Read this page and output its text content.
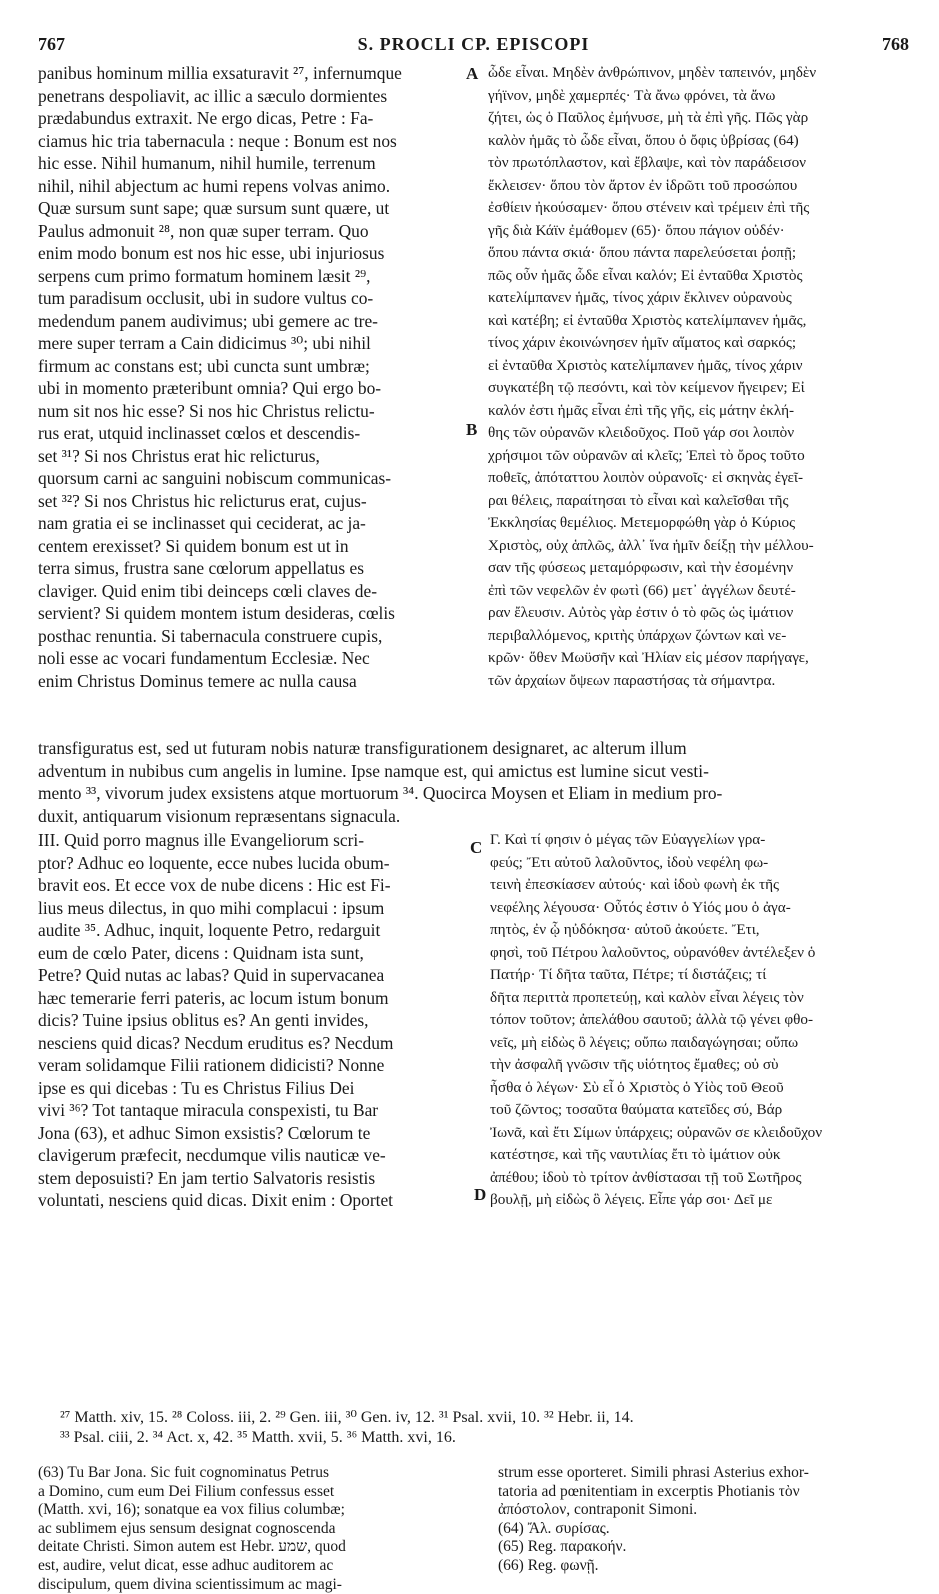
767	S. PROCLI CP. EPISCOPI	768
panibus hominum millia exsaturavit ²⁷, infernumque
penetrans despoliavit, ac illic a sæculo dormientes
prædabundus extraxit. Ne ergo dicas, Petre : Fa-
ciamus hic tria tabernacula : neque : Bonum est nos
hic esse. Nihil humanum, nihil humile, terrenum
nihil, nihil abjectum ac humi repens volvas animo.
Quæ sursum sunt sape; quæ sursum sunt quære, ut
Paulus admonuit ²⁸, non quæ super terram. Quo
enim modo bonum est nos hic esse, ubi injuriosus
serpens cum primo formatum hominem læsit ²⁹,
tum paradisum occlusit, ubi in sudore vultus co-
medendum panem audivimus; ubi gemere ac tre-
mere super terram a Cain didicimus ³⁰; ubi nihil
firmum ac constans est; ubi cuncta sunt umbræ;
ubi in momento præteribunt omnia? Qui ergo bo-
num sit nos hic esse? Si nos hic Christus relictu-
rus erat, utquid inclinasset cœlos et descendis-
set ³¹? Si nos Christus erat hic relicturus,
quorsum carni ac sanguini nobiscum communicas-
set ³²? Si nos Christus hic relicturus erat, cujus-
nam gratia ei se inclinasset qui ceciderat, ac ja-
centem erexisset? Si quidem bonum est ut in
terra simus, frustra sane cœlorum appellatus es
claviger. Quid enim tibi deinceps cœli claves de-
servient? Si quidem montem istum desideras, cœlis
posthac renuntia. Si tabernacula construere cupis,
noli esse ac vocari fundamentum Ecclesiæ. Nec
enim Christus Dominus temere ac nulla causa
A ὧδε εἶναι. Μηδὲν ἀνθρώπινον, μηδὲν ταπεινόν, μηδὲν
γήϊνον, μηδὲ χαμερπές· Τὰ ἄνω φρόνει, τὰ ἄνω
ζήτει, ὡς ὁ Παῦλος ἐμήνυσε, μὴ τὰ ἐπὶ γῆς. Πῶς γὰρ
καλὸν ἡμᾶς τὸ ὧδε εἶναι, ὅπου ὁ ὄφις ὑβρίσας (64)
τὸν πρωτόπλαστον, καὶ ἔβλαψε, καὶ τὸν παράδεισον
ἔκλεισεν· ὅπου τὸν ἄρτον ἐν ἱδρῶτι τοῦ προσώπου
ἐσθίειν ἠκούσαμεν· ὅπου στένειν καὶ τρέμειν ἐπὶ τῆς
γῆς διὰ Κάϊν ἐμάθομεν (65)· ὅπου πάγιον οὐδέν·
ὅπου πάντα σκιά· ὅπου πάντα παρελεύσεται ῥοπῇ;
πῶς οὖν ἡμᾶς ὧδε εἶναι καλόν; Εἰ ἐνταῦθα Χριστὸς
κατελίμπανεν ἡμᾶς, τίνος χάριν ἔκλινεν οὐρανοὺς
καὶ κατέβη; εἰ ἐνταῦθα Χριστὸς κατελίμπανεν ἡμᾶς,
τίνος χάριν ἐκοινώνησεν ἡμῖν αἵματος καὶ σαρκός;
εἰ ἐνταῦθα Χριστὸς κατελίμπανεν ἡμᾶς, τίνος χάριν
συγκατέβη τῷ πεσόντι, καὶ τὸν κείμενον ἤγειρεν; Εἰ
καλόν ἐστι ἡμᾶς εἶναι ἐπὶ τῆς γῆς, εἰς μάτην ἐκλή-
θης τῶν οὐρανῶν κλειδοῦχος. Ποῦ γάρ σοι λοιπὸν
χρήσιμοι τῶν οὐρανῶν αἱ κλεῖς; Ἐπεὶ τὸ ὄρος τοῦτο
ποθεῖς, ἀπόταττου λοιπὸν οὐρανοῖς· εἰ σκηνὰς ἐγεῖ-
ραι θέλεις, παραίτησαι τὸ εἶναι καὶ καλεῖσθαι τῆς
Ἐκκλησίας θεμέλιος. Μετεμορφώθη γὰρ ὁ Κύριος
Χριστὸς, οὐχ ἁπλῶς, ἀλλ᾽ ἵνα ἡμῖν δείξῃ τὴν μέλλου-
σαν τῆς φύσεως μεταμόρφωσιν, καὶ τὴν ἐσομένην
ἐπὶ τῶν νεφελῶν ἐν φωτὶ (66) μετ᾽ ἀγγέλων δευτέ-
ραν ἔλευσιν. Αὐτὸς γὰρ ἐστιν ὁ τὸ φῶς ὡς ἱμάτιον
περιβαλλόμενος, κριτὴς ὑπάρχων ζώντων καὶ νε-
κρῶν· ὅθεν Μωϋσῆν καὶ Ἠλίαν εἰς μέσον παρήγαγε,
τῶν ἀρχαίων ὄψεων παραστήσας τὰ σήμαντρα.
B
transfiguratus est, sed ut futuram nobis naturæ transfigurationem designaret, ac alterum illum
adventum in nubibus cum angelis in lumine. Ipse namque est, qui amictus est lumine sicut vesti-
mento ³³, vivorum judex exsistens atque mortuorum ³⁴. Quocirca Moysen et Eliam in medium pro-
duxit, antiquarum visionum repræsentans signacula.
III. Quid porro magnus ille Evangeliorum scri-
ptor? Adhuc eo loquente, ecce nubes lucida obum-
bravit eos. Et ecce vox de nube dicens : Hic est Fi-
lius meus dilectus, in quo mihi complacui : ipsum
audite ³⁵. Adhuc, inquit, loquente Petro, redarguit
eum de cœlo Pater, dicens : Quidnam ista sunt,
Petre? Quid nutas ac labas? Quid in supervacanea
hæc temerarie ferri pateris, ac locum istum bonum
dicis? Tuine ipsius oblitus es? An genti invides,
nesciens quid dicas? Necdum eruditus es? Necdum
veram solidamque Filii rationem didicisti? Nonne
ipse es qui dicebas : Tu es Christus Filius Dei
vivi ³⁶? Tot tantaque miracula conspexisti, tu Bar
Jona (63), et adhuc Simon exsistis? Cœlorum te
clavigerum præfecit, necdumque vilis nauticæ ve-
stem deposuisti? En jam tertio Salvatoris resistis
voluntati, nesciens quid dicas. Dixit enim : Oportet
C Γ. Καὶ τί φησιν ὁ μέγας τῶν Εὐαγγελίων γρα-
φεύς; Ἔτι αὐτοῦ λαλοῦντος, ἰδοὺ νεφέλη φω-
τεινὴ ἐπεσκίασεν αὐτούς· καὶ ἰδοὺ φωνὴ ἐκ τῆς
νεφέλης λέγουσα· Οὗτός ἐστιν ὁ Υἱός μου ὁ ἀγα-
πητὸς, ἐν ᾧ ηὐδόκησα· αὐτοῦ ἀκούετε. Ἔτι,
φησὶ, τοῦ Πέτρου λαλοῦντος, οὐρανόθεν ἀντέλεξεν ὁ
Πατήρ· Τί δῆτα ταῦτα, Πέτρε; τί διστάζεις; τί
δῆτα περιττὰ προπετεύῃ, καὶ καλὸν εἶναι λέγεις τὸν
τόπον τοῦτον; ἀπελάθου σαυτοῦ; ἀλλὰ τῷ γένει φθο-
νεῖς, μὴ εἰδὼς ὃ λέγεις; οὔπω παιδαγώγησαι; οὔπω
τὴν ἀσφαλῆ γνῶσιν τῆς υἱότητος ἔμαθες; οὐ σὺ
ἦσθα ὁ λέγων· Σὺ εἶ ὁ Χριστὸς ὁ Υἱὸς τοῦ Θεοῦ
τοῦ ζῶντος; τοσαῦτα θαύματα κατεῖδες σύ, Βάρ
Ἰωνᾶ, καὶ ἔτι Σίμων ὑπάρχεις; οὐρανῶν σε κλειδοῦχον
κατέστησε, καὶ τῆς ναυτιλίας ἔτι τὸ ἱμάτιον οὐκ
ἀπέθου; ἰδοὺ τὸ τρίτον ἀνθίστασαι τῇ τοῦ Σωτῆρος
βουλῇ, μὴ εἰδὼς ὃ λέγεις. Εἶπε γάρ σοι· Δεῖ με
D
²⁷ Matth. xiv, 15. ²⁸ Coloss. iii, 2. ²⁹ Gen. iii, ³⁰ Gen. iv, 12. ³¹ Psal. xvii, 10. ³² Hebr. ii, 14.
³³ Psal. ciii, 2. ³⁴ Act. x, 42. ³⁵ Matth. xvii, 5. ³⁶ Matth. xvi, 16.
(63) Tu Bar Jona. Sic fuit cognominatus Petrus
a Domino, cum eum Dei Filium confessus esset
(Matth. xvi, 16); sonatque ea vox filius columbæ;
ac sublimem ejus sensum designat cognoscenda
deitate Christi. Simon autem est Hebr. שמע, quod
est, audire, velut dicat, esse adhuc auditorem ac
discipulum, quem divina scientissimum ac magi-
strum esse oporteret. Simili phrasi Asterius exhor-
tatoria ad pœnitentiam in excerptis Photianis τὸν
ἀπόστολον, contraponit Simoni.
(64) Ἄλ. συρίσας.
(65) Reg. παρακοήν.
(66) Reg. φωνῇ.
